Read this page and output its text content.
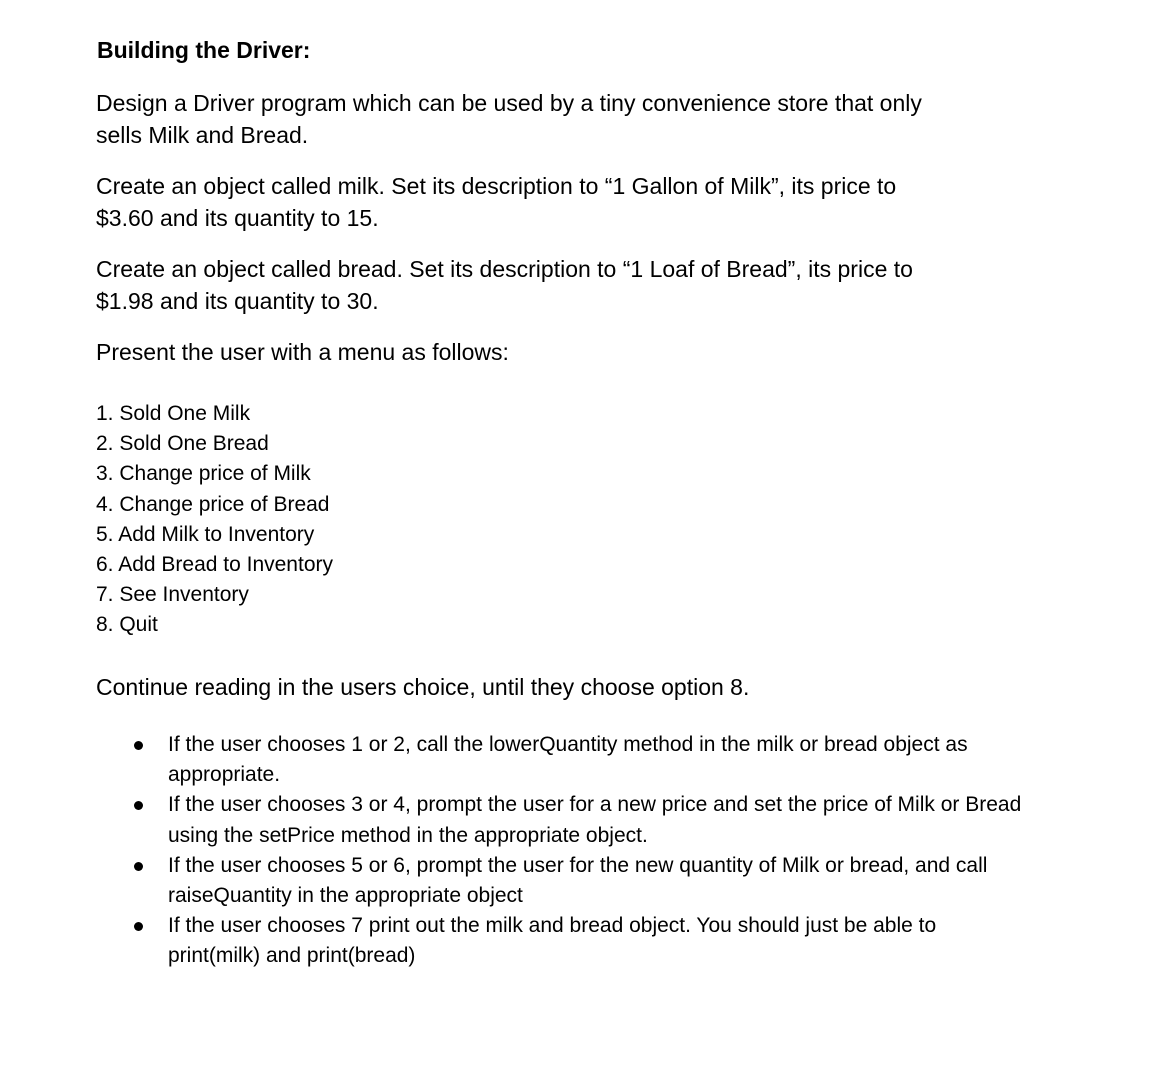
Building the Driver:

Design a Driver program which can be used by a tiny convenience store that only sells Milk and Bread.

Create an object called milk. Set its description to “1 Gallon of Milk”, its price to $3.60 and its quantity to 15.

Create an object called bread. Set its description to “1 Loaf of Bread”, its price to $1.98 and its quantity to 30.

Present the user with a menu as follows:

1. Sold One Milk
2. Sold One Bread
3. Change price of Milk
4. Change price of Bread
5. Add Milk to Inventory
6. Add Bread to Inventory
7. See Inventory
8. Quit

Continue reading in the users choice, until they choose option 8.

If the user chooses 1 or 2, call the lowerQuantity method in the milk or bread object as appropriate.
If the user chooses 3 or 4, prompt the user for a new price and set the price of Milk or Bread using the setPrice method in the appropriate object.
If the user chooses 5 or 6, prompt the user for the new quantity of Milk or bread, and call raiseQuantity in the appropriate object
If the user chooses 7 print out the milk and bread object. You should just be able to print(milk) and print(bread)
